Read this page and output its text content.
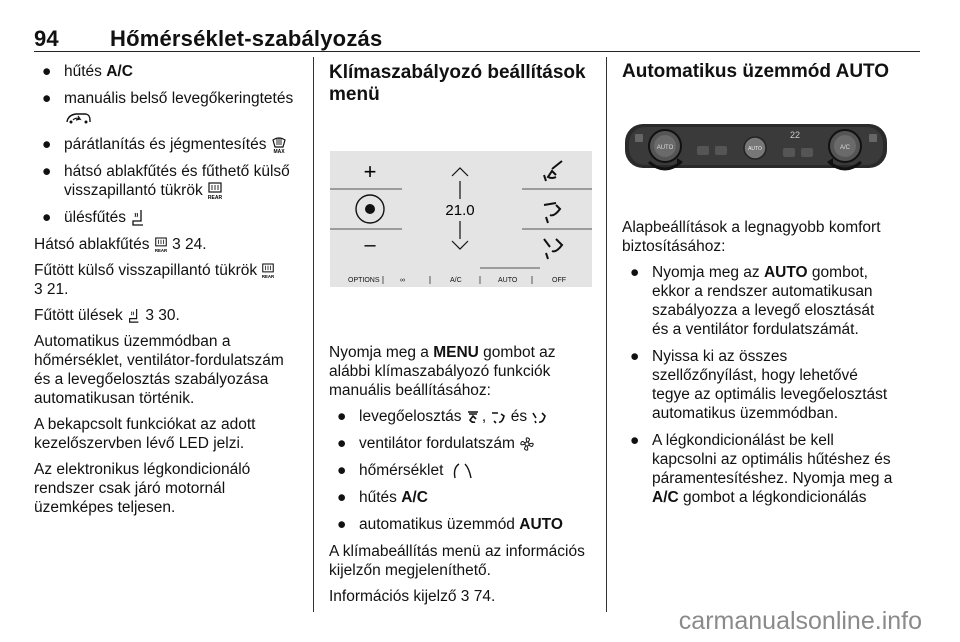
94 Hőmérséklet-szabályozás
● hűtés A/C
● manuális belső levegőkeringtetés
● párátlanítás és jégmentesítés MAX
● hátsó ablakfűtés és fűthető külső visszapillantó tükrök REAR
● ülésfűtés

Hátsó ablakfűtés REAR 3 24.

Fűtött külső visszapillantó tükrök REAR

3 21.

Fűtött ülések  3 30.

Automatikus üzemmódban a hőmérséklet, ventilátor-fordulatszám és a levegőelosztás szabályozása automatikusan történik.

A bekapcsolt funkciókat az adott kezelőszervben lévő LED jelzi.

Az elektronikus légkondicionáló rendszer csak járó motornál üzemképes teljesen.

Klímaszabályozó beállítások menü
+
–
21.0
OPTIONS	∞	A/C	AUTO	OFF

Nyomja meg a MENU gombot az alábbi klímaszabályozó funkciók manuális beállításához:

● levegőelosztás ,  és
● ventilátor fordulatszám
● hőmérséklet
● hűtés A/C
● automatikus üzemmód AUTO

A klímabeállítás menü az információs kijelzőn megjeleníthető.

Információs kijelző 3 74.

Automatikus üzemmód AUTO
AUTO	A/C
AUTO
22

Alapbeállítások a legnagyobb komfort biztosításához:

● Nyomja meg az AUTO gombot, ekkor a rendszer automatikusan szabályozza a levegő elosztását és a ventilátor fordulatszámát.
● Nyissa ki az összes szellőzőnyílást, hogy lehetővé tegye az optimális levegőelosztást automatikus üzemmódban.
● A légkondicionálást be kell kapcsolni az optimális hűtéshez és páramentesítéshez. Nyomja meg a A/C gombot a légkondicionálás
carmanualsonline.info
